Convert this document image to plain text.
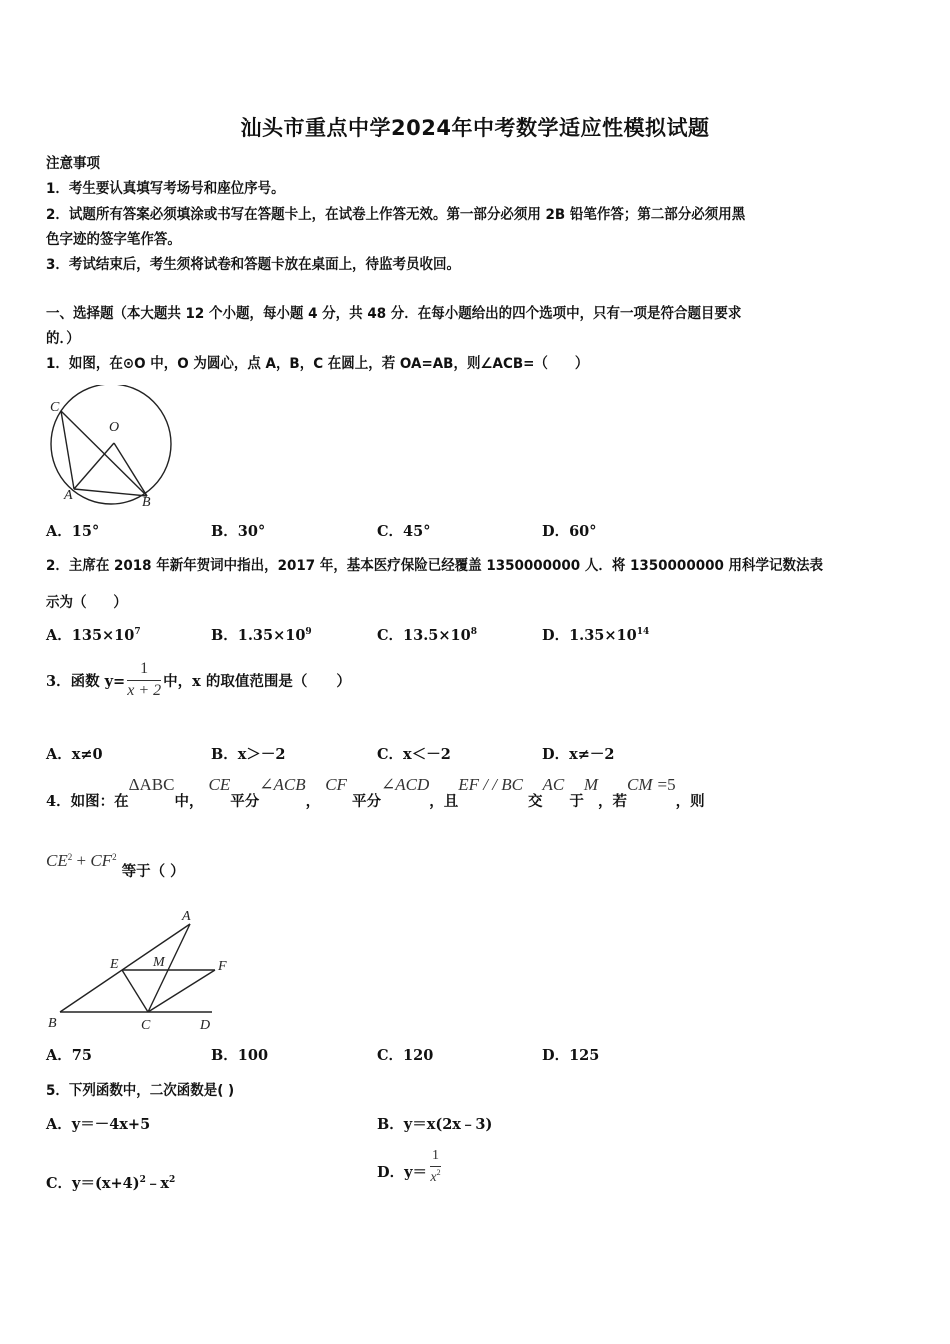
汕头市重点中学2024年中考数学适应性模拟试题
注意事项
1．考生要认真填写考场号和座位序号。
2．试题所有答案必须填涂或书写在答题卡上，在试卷上作答无效。第一部分必须用 2B 铅笔作答；第二部分必须用黑
色字迹的签字笔作答。
3．考试结束后，考生须将试卷和答题卡放在桌面上，待监考员收回。
一、选择题（本大题共 12 个小题，每小题 4 分，共 48 分．在每小题给出的四个选项中，只有一项是符合题目要求
的．）
1．如图，在⊙O 中，O 为圆心，点 A，B，C 在圆上，若 OA=AB，则∠ACB=（　　）
C
O
A	B
A．15°	B．30°	C．45°	D．60°
2．主席在 2018 年新年贺词中指出，2017 年，基本医疗保险已经覆盖 1350000000 人．将 1350000000 用科学记数法表
示为（　　）
A．$135\times 10^7$	B．$1.35\times 10^9$	C．$13.5\times 10^8$	D．$1.35\times 10^{14}$
3．函数 $y= \frac{1}{x + 2}$ 中，x 的取值范围是（　　）
A．x≠0	B．x＞－2	C．x＜－2	D．x≠－2
4．如图：在ΔABC中， CE平分∠ACB， CF 平分∠ACD，且EF / / BC 交AC 于M，若CM =5，则
$CE^2 + CF^2$ 等于（ ）
A
E M	F
B	C	D
A．75	B．100	C．120	D．125
5．下列函数中，二次函数是( )
A．y＝－4x+5	B．y＝x(2x﹣3)
C．$y=(x+4)^2﹣x^2$	D． $y= \frac{1}{x^2}$
